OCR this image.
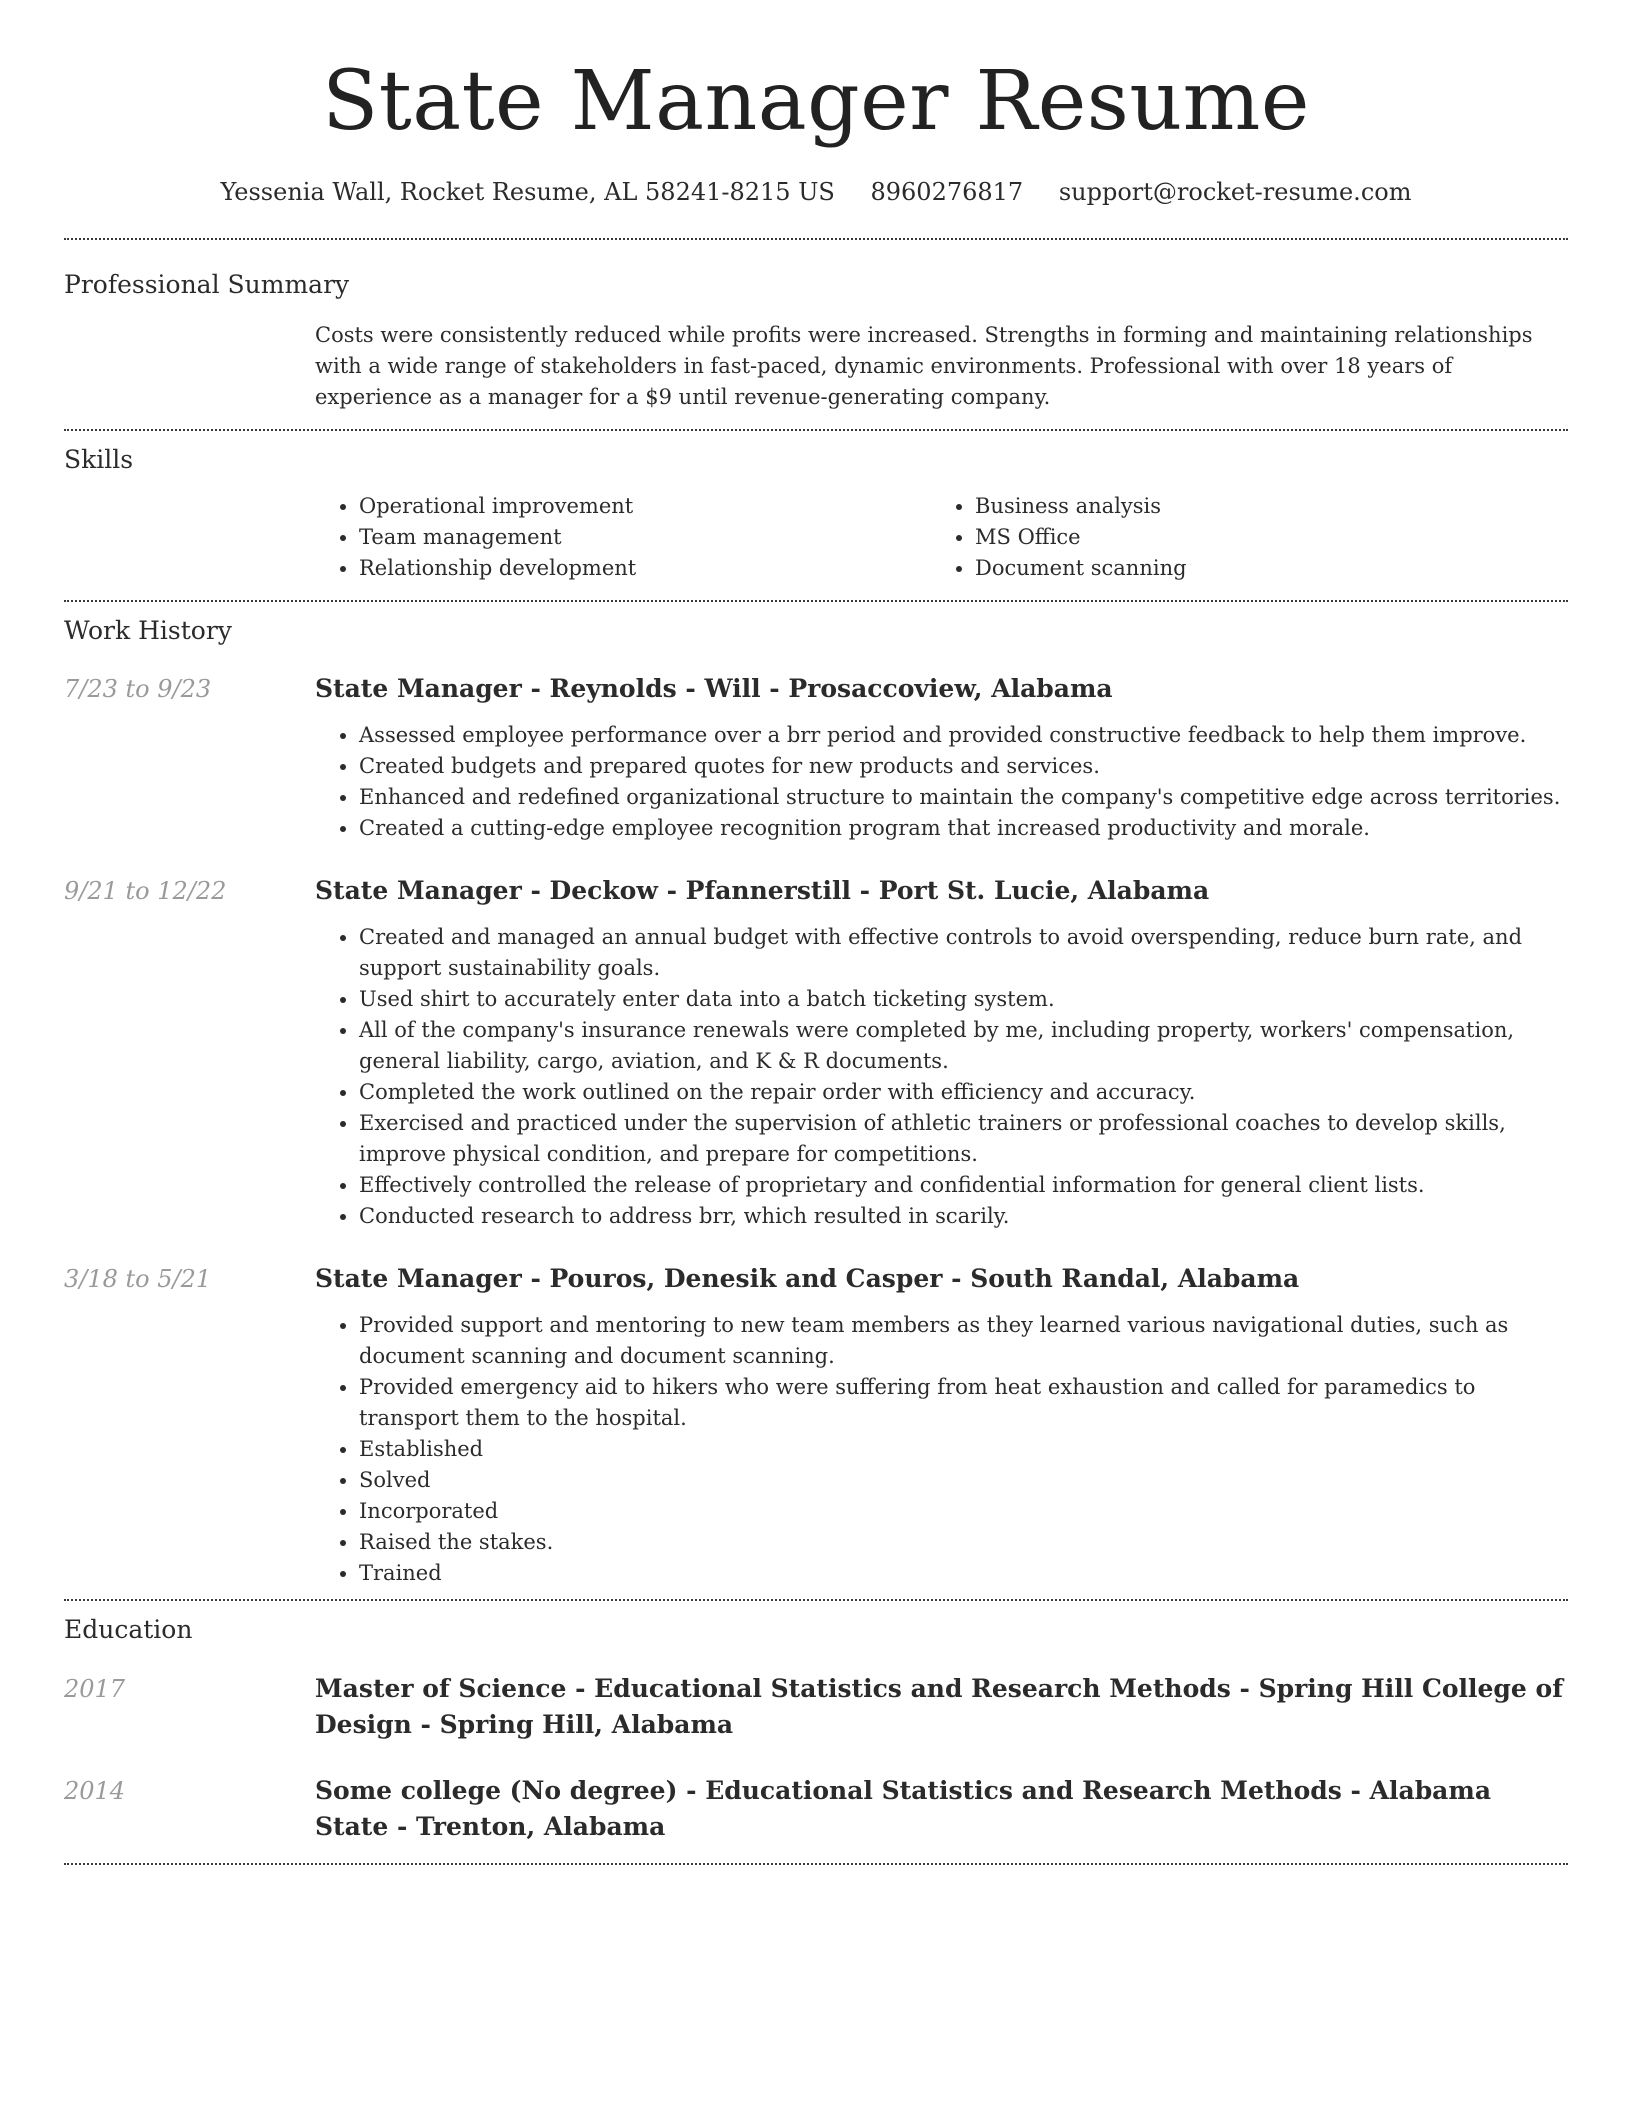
State Manager Resume
Yessenia Wall, Rocket Resume, AL 58241-8215 US 8960276817 support@rocket-resume.com
Professional Summary

Costs were consistently reduced while profits were increased. Strengths in forming and maintaining relationships with a wide range of stakeholders in fast-paced, dynamic environments. Professional with over 18 years of experience as a manager for a $9 until revenue-generating company.

Skills
• Operational improvement
• Team management
• Relationship development
• Business analysis
• MS Office
• Document scanning
Work History
7/23 to 9/23	State Manager - Reynolds - Will - Prosaccoview, Alabama
• Assessed employee performance over a brr period and provided constructive feedback to help them improve.
• Created budgets and prepared quotes for new products and services.
• Enhanced and redefined organizational structure to maintain the company's competitive edge across territories.
• Created a cutting-edge employee recognition program that increased productivity and morale.
9/21 to 12/22	State Manager - Deckow - Pfannerstill - Port St. Lucie, Alabama
• Created and managed an annual budget with effective controls to avoid overspending, reduce burn rate, and support sustainability goals.
• Used shirt to accurately enter data into a batch ticketing system.
• All of the company's insurance renewals were completed by me, including property, workers' compensation, general liability, cargo, aviation, and K & R documents.
• Completed the work outlined on the repair order with efficiency and accuracy.
• Exercised and practiced under the supervision of athletic trainers or professional coaches to develop skills, improve physical condition, and prepare for competitions.
• Effectively controlled the release of proprietary and confidential information for general client lists.
• Conducted research to address brr, which resulted in scarily.
3/18 to 5/21	State Manager - Pouros, Denesik and Casper - South Randal, Alabama
• Provided support and mentoring to new team members as they learned various navigational duties, such as document scanning and document scanning.
• Provided emergency aid to hikers who were suffering from heat exhaustion and called for paramedics to transport them to the hospital.
• Established
• Solved
• Incorporated
• Raised the stakes.
• Trained
Education
2017	Master of Science - Educational Statistics and Research Methods - Spring Hill College of Design - Spring Hill, Alabama
2014	Some college (No degree) - Educational Statistics and Research Methods - Alabama State - Trenton, Alabama
